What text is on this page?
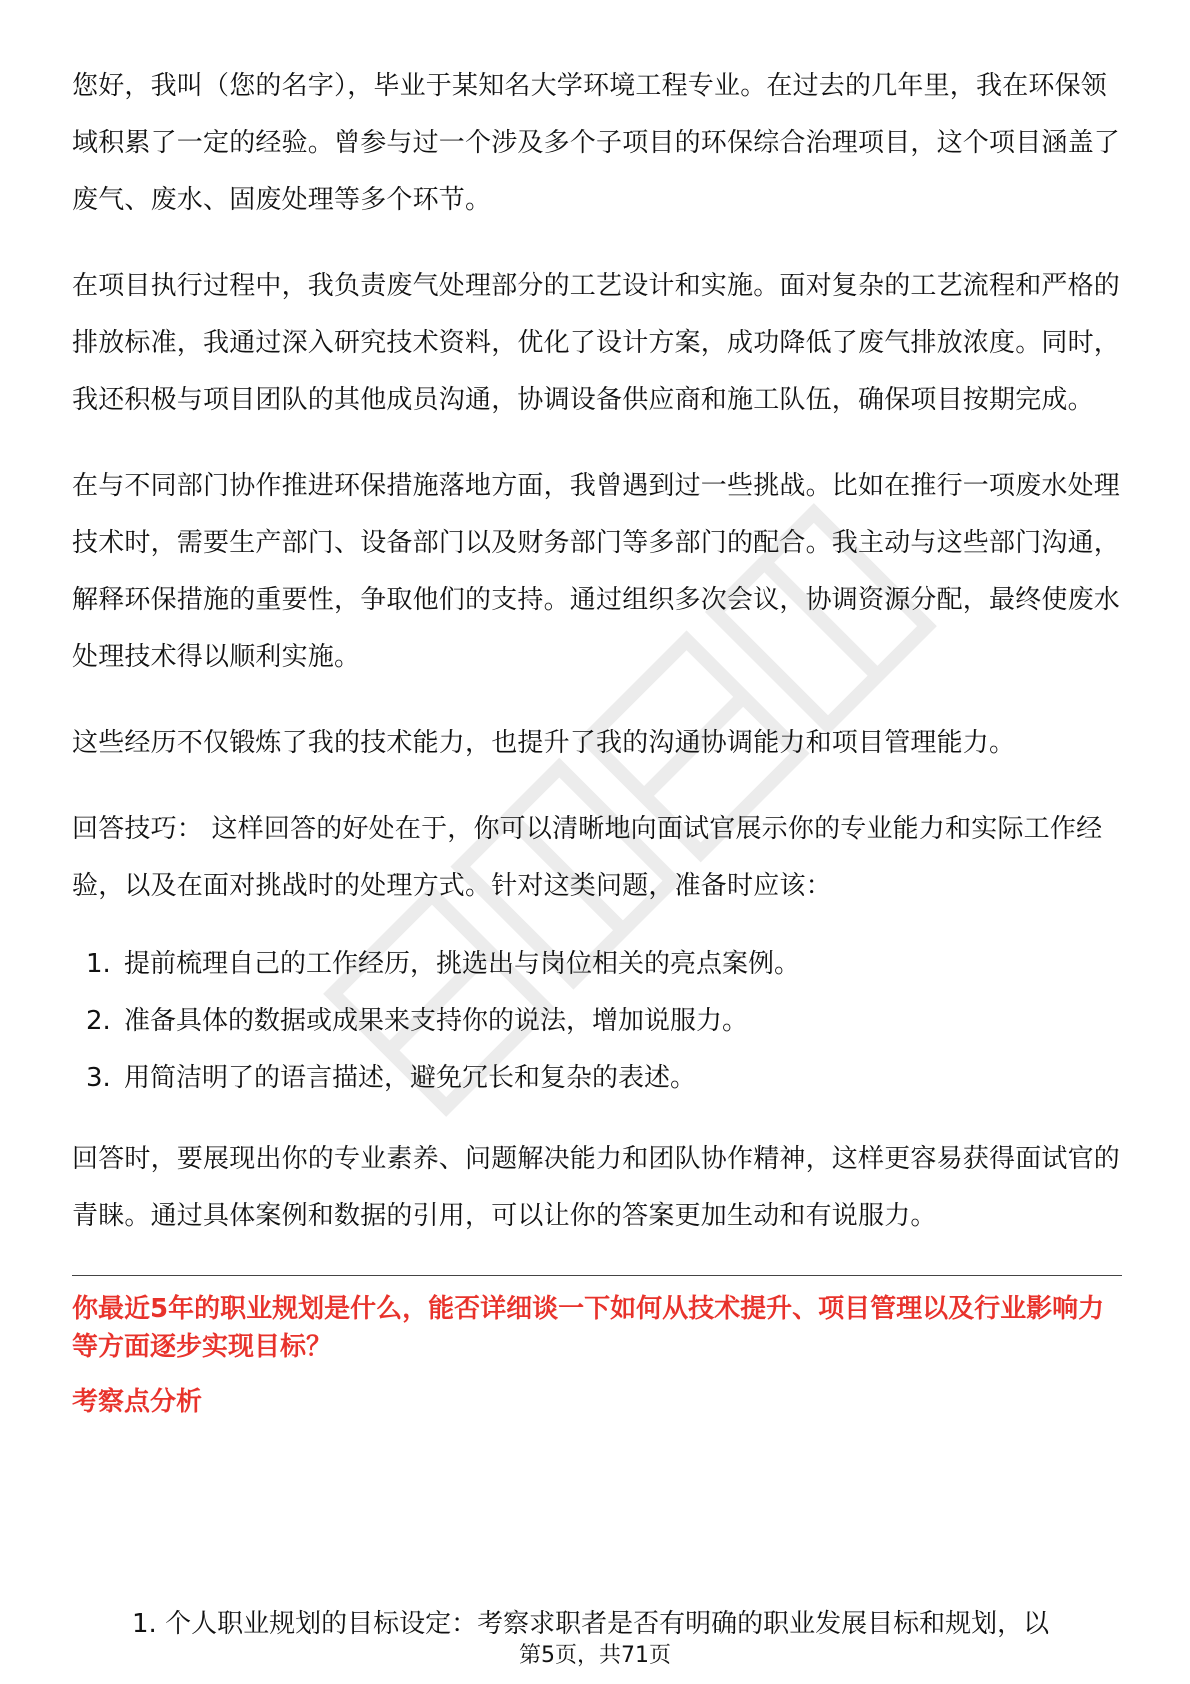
您好，我叫（您的名字），毕业于某知名大学环境工程专业。在过去的几年里，我在环保领域积累了一定的经验。曾参与过一个涉及多个子项目的环保综合治理项目，这个项目涵盖了废气、废水、固废处理等多个环节。

在项目执行过程中，我负责废气处理部分的工艺设计和实施。面对复杂的工艺流程和严格的排放标准，我通过深入研究技术资料，优化了设计方案，成功降低了废气排放浓度。同时，我还积极与项目团队的其他成员沟通，协调设备供应商和施工队伍，确保项目按期完成。

在与不同部门协作推进环保措施落地方面，我曾遇到过一些挑战。比如在推行一项废水处理技术时，需要生产部门、设备部门以及财务部门等多部门的配合。我主动与这些部门沟通，解释环保措施的重要性，争取他们的支持。通过组织多次会议，协调资源分配，最终使废水处理技术得以顺利实施。

这些经历不仅锻炼了我的技术能力，也提升了我的沟通协调能力和项目管理能力。

回答技巧： 这样回答的好处在于，你可以清晰地向面试官展示你的专业能力和实际工作经验，以及在面对挑战时的处理方式。针对这类问题，准备时应该：

1. 提前梳理自己的工作经历，挑选出与岗位相关的亮点案例。
2. 准备具体的数据或成果来支持你的说法，增加说服力。
3. 用简洁明了的语言描述，避免冗长和复杂的表述。

回答时，要展现出你的专业素养、问题解决能力和团队协作精神，这样更容易获得面试官的青睐。通过具体案例和数据的引用，可以让你的答案更加生动和有说服力。

你最近5年的职业规划是什么，能否详细谈一下如何从技术提升、项目管理以及行业影响力等方面逐步实现目标？

考察点分析

1. 个人职业规划的目标设定：考察求职者是否有明确的职业发展目标和规划，以
第5页，共71页
